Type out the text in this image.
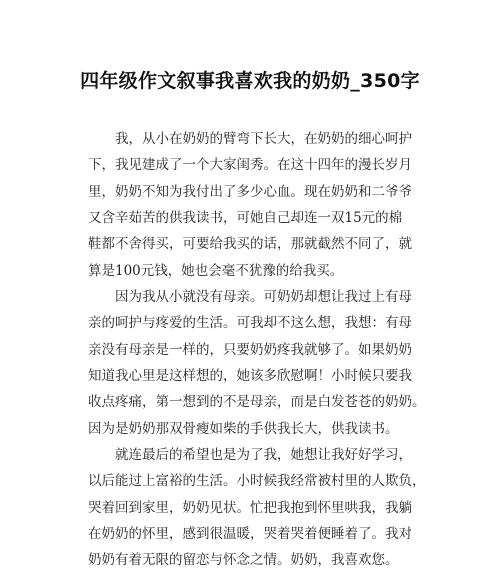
四年级作文叙事我喜欢我的奶奶_350字
我，从小在奶奶的臂弯下长大，在奶奶的细心呵护
下，我见建成了一个大家闺秀。在这十四年的漫长岁月
里，奶奶不知为我付出了多少心血。现在奶奶和二爷爷
又含辛茹苦的供我读书，可她自己却连一双15元的棉
鞋都不舍得买，可要给我买的话，那就截然不同了，就
算是100元钱，她也会毫不犹豫的给我买。
因为我从小就没有母亲。可奶奶却想让我过上有母
亲的呵护与疼爱的生活。可我却不这么想，我想：有母
亲没有母亲是一样的，只要奶奶疼我就够了。如果奶奶
知道我心里是这样想的，她该多欣慰啊！小时候只要我
收点疼痛，第一想到的不是母亲，而是白发苍苍的奶奶。
因为是奶奶那双骨瘦如柴的手供我长大，供我读书。
就连最后的希望也是为了我，她想让我好好学习，
以后能过上富裕的生活。小时候我经常被村里的人欺负，
哭着回到家里，奶奶见状。忙把我抱到怀里哄我，我躺
在奶奶的怀里，感到很温暖，哭着哭着便睡着了。我对
奶奶有着无限的留恋与怀念之情。奶奶，我喜欢您。
